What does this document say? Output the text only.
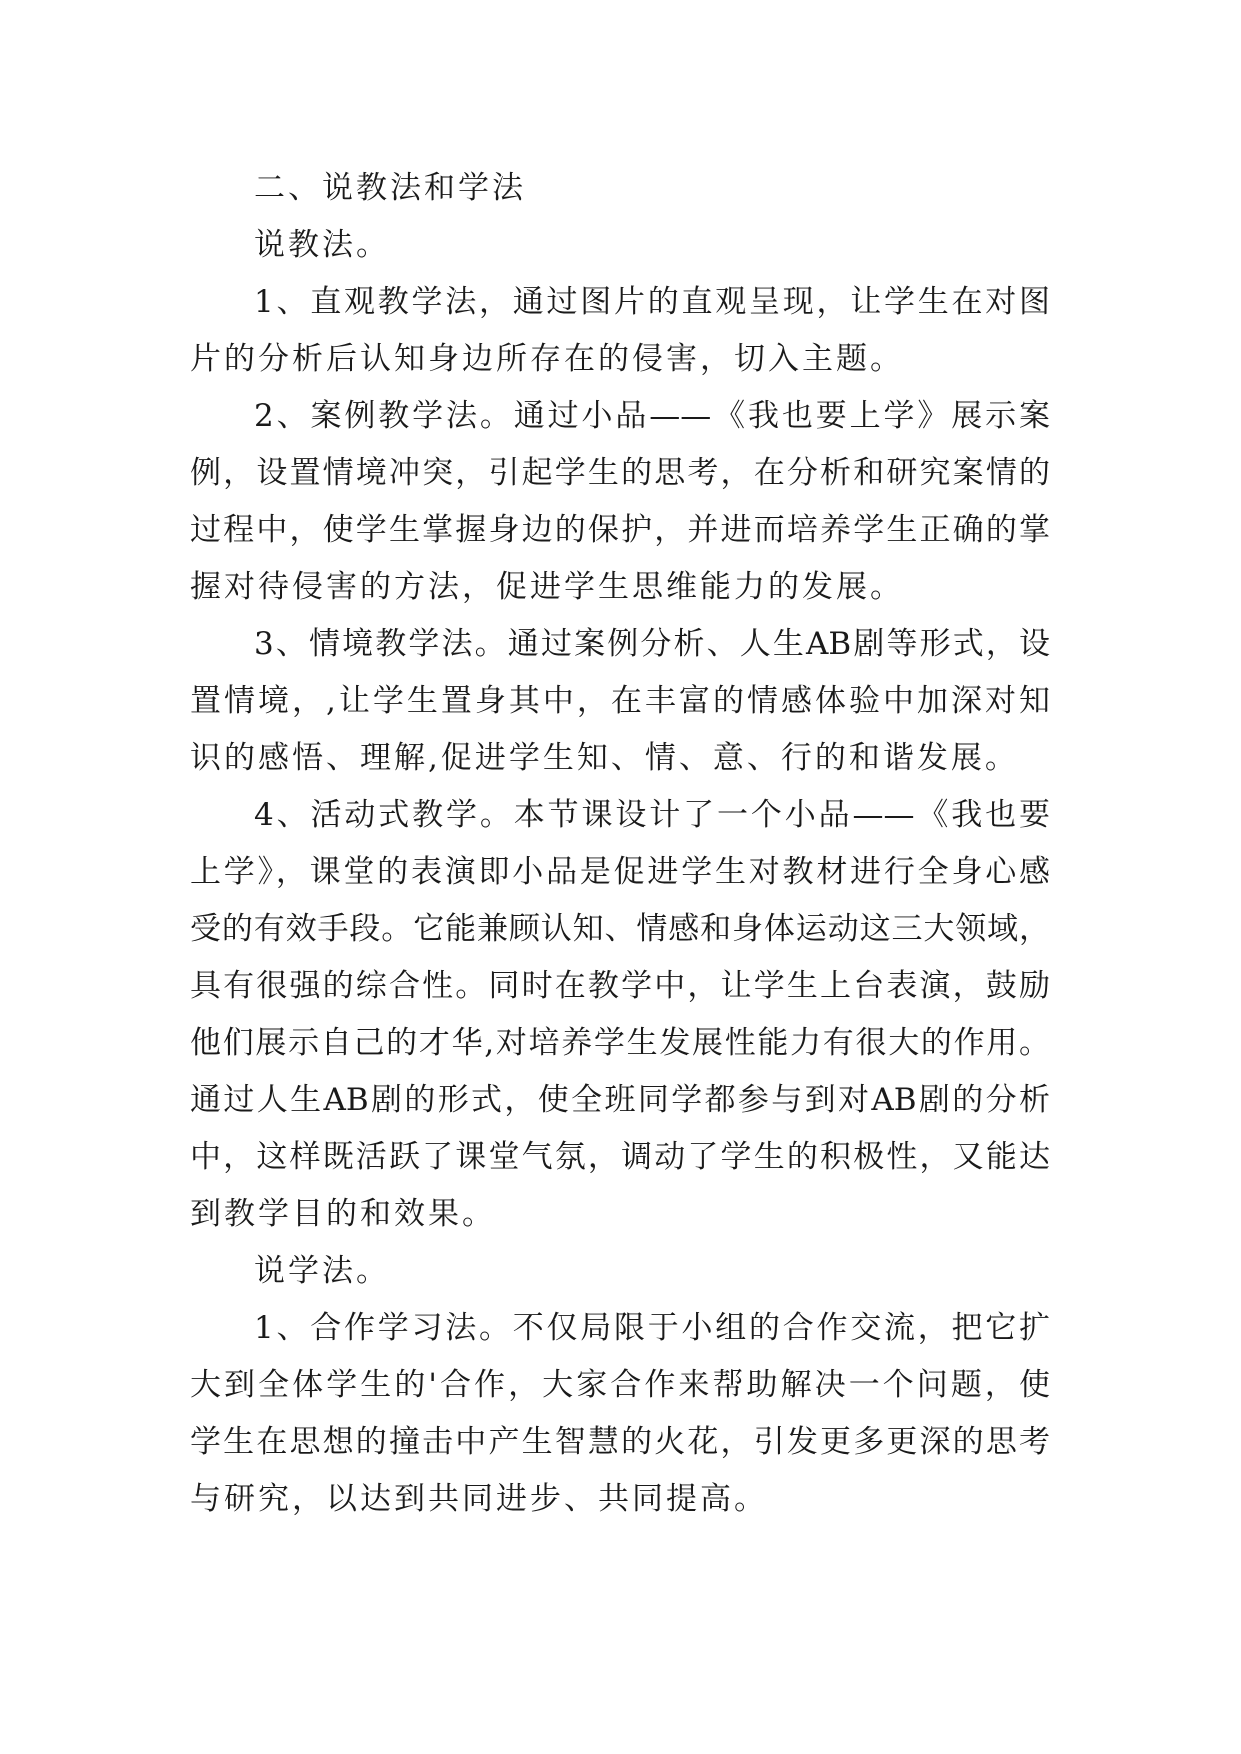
二、说教法和学法
说教法。
1、直观教学法，通过图片的直观呈现，让学生在对图
片的分析后认知身边所存在的侵害，切入主题。
2、案例教学法。通过小品——《我也要上学》展示案
例，设置情境冲突，引起学生的思考，在分析和研究案情的
过程中，使学生掌握身边的保护，并进而培养学生正确的掌
握对待侵害的方法，促进学生思维能力的发展。
3、情境教学法。通过案例分析、人生AB剧等形式，设
置情境，,让学生置身其中，在丰富的情感体验中加深对知
识的感悟、理解,促进学生知、情、意、行的和谐发展。
4、活动式教学。本节课设计了一个小品——《我也要
上学》，课堂的表演即小品是促进学生对教材进行全身心感
受的有效手段。它能兼顾认知、情感和身体运动这三大领域，
具有很强的综合性。同时在教学中，让学生上台表演，鼓励
他们展示自己的才华,对培养学生发展性能力有很大的作用。
通过人生AB剧的形式，使全班同学都参与到对AB剧的分析
中，这样既活跃了课堂气氛，调动了学生的积极性，又能达
到教学目的和效果。
说学法。
1、合作学习法。不仅局限于小组的合作交流，把它扩
大到全体学生的'合作，大家合作来帮助解决一个问题，使
学生在思想的撞击中产生智慧的火花，引发更多更深的思考
与研究，以达到共同进步、共同提高。
